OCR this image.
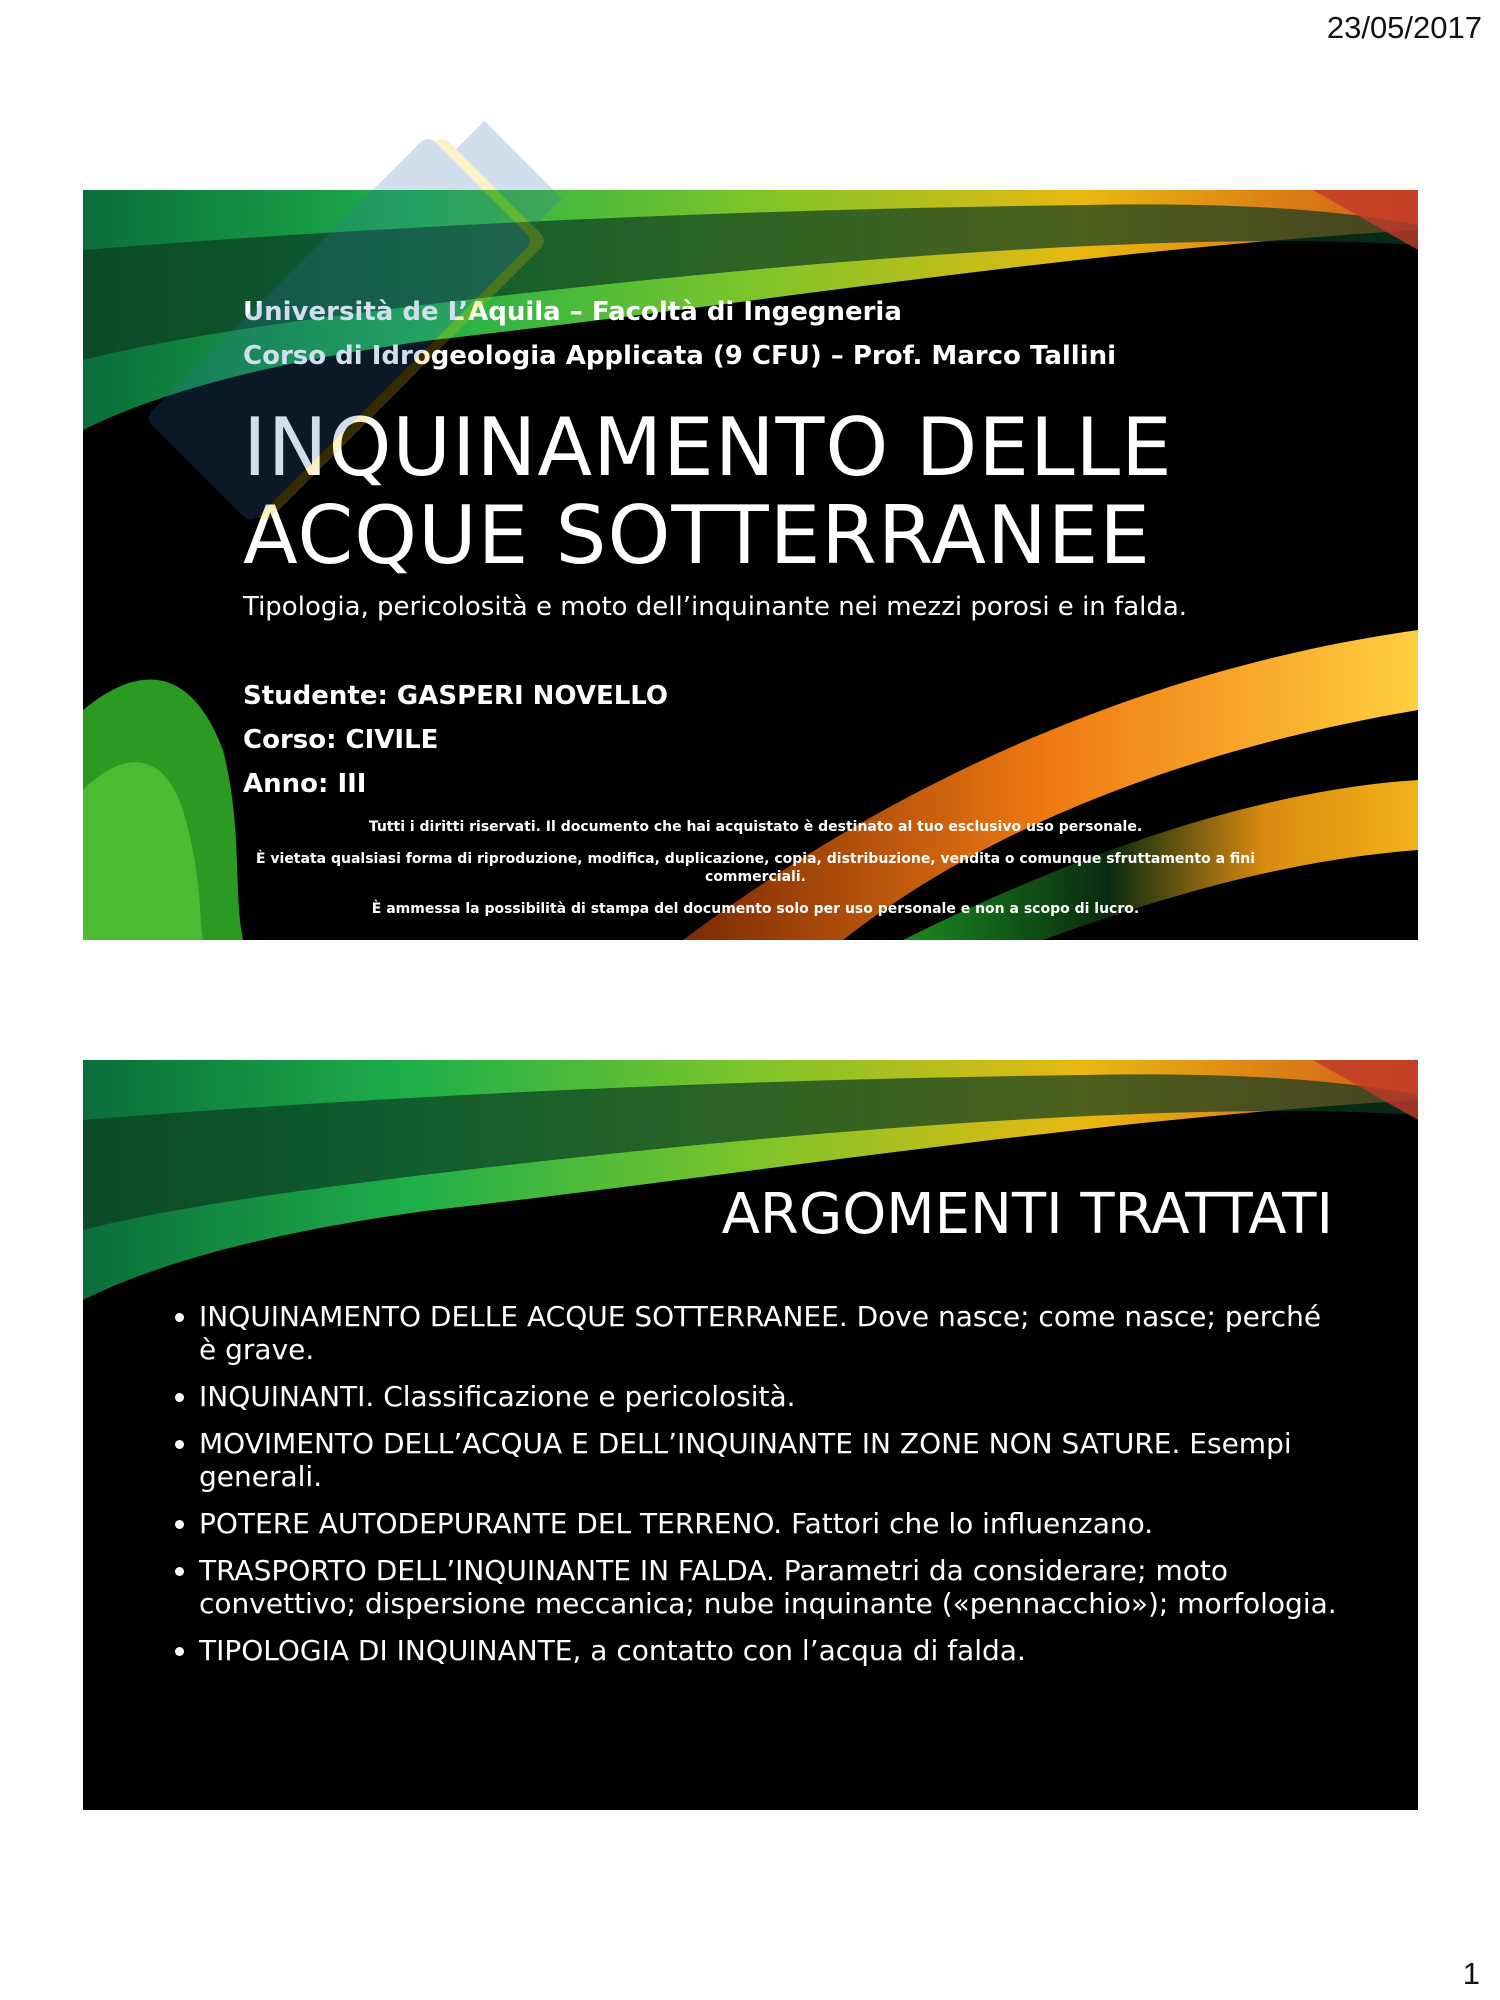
23/05/2017
Università de L’Aquila – Facoltà di Ingegneria
Corso di Idrogeologia Applicata (9 CFU) – Prof. Marco Tallini
INQUINAMENTO DELLE
ACQUE SOTTERRANEE
Tipologia, pericolosità e moto dell’inquinante nei mezzi porosi e in falda.
Studente: GASPERI NOVELLO
Corso: CIVILE
Anno: III

Tutti i diritti riservati. Il documento che hai acquistato è destinato al tuo esclusivo uso personale.

È vietata qualsiasi forma di riproduzione, modifica, duplicazione, copia, distribuzione, vendita o comunque sfruttamento a fini commerciali.

È ammessa la possibilità di stampa del documento solo per uso personale e non a scopo di lucro.

ARGOMENTI TRATTATI
• INQUINAMENTO DELLE ACQUE SOTTERRANEE. Dove nasce; come nasce; perché è grave.
• INQUINANTI. Classificazione e pericolosità.
• MOVIMENTO DELL’ACQUA E DELL’INQUINANTE IN ZONE NON SATURE. Esempi generali.
• POTERE AUTODEPURANTE DEL TERRENO. Fattori che lo influenzano.
• TRASPORTO DELL’INQUINANTE IN FALDA. Parametri da considerare; moto convettivo; dispersione meccanica; nube inquinante («pennacchio»); morfologia.
• TIPOLOGIA DI INQUINANTE, a contatto con l’acqua di falda.
1
